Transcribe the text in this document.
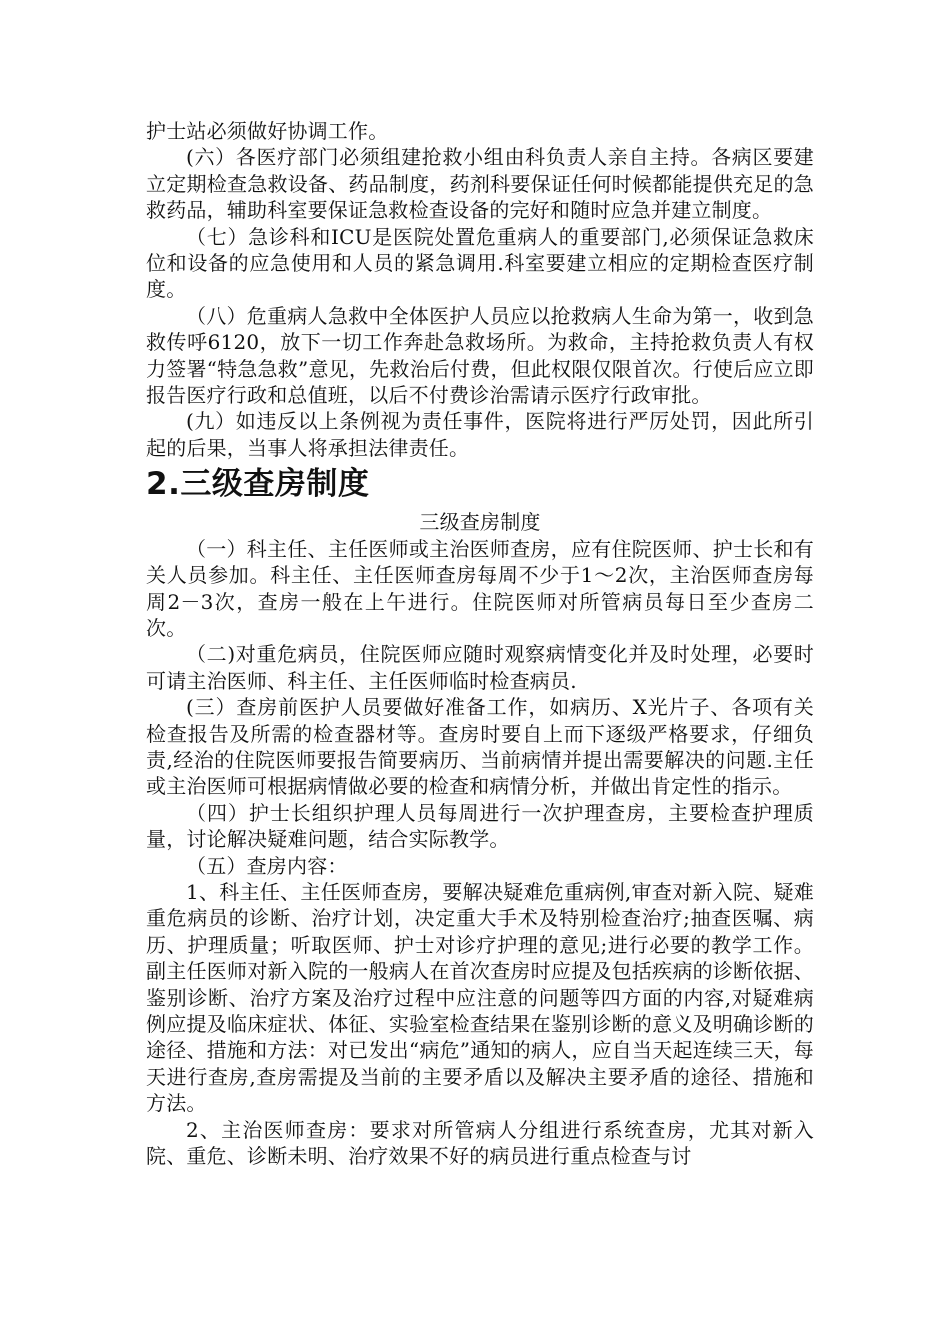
护士站必须做好协调工作。

(六）各医疗部门必须组建抢救小组由科负责人亲自主持。各病区要建立定期检查急救设备、药品制度，药剂科要保证任何时候都能提供充足的急救药品，辅助科室要保证急救检查设备的完好和随时应急并建立制度。

（七）急诊科和ICU是医院处置危重病人的重要部门,必须保证急救床位和设备的应急使用和人员的紧急调用.科室要建立相应的定期检查医疗制度。

（八）危重病人急救中全体医护人员应以抢救病人生命为第一，收到急救传呼6120，放下一切工作奔赴急救场所。为救命，主持抢救负责人有权力签署“特急急救”意见，先救治后付费，但此权限仅限首次。行使后应立即报告医疗行政和总值班，以后不付费诊治需请示医疗行政审批。

(九）如违反以上条例视为责任事件，医院将进行严厉处罚，因此所引起的后果，当事人将承担法律责任。

2.三级查房制度

三级查房制度

（一）科主任、主任医师或主治医师查房，应有住院医师、护士长和有关人员参加。科主任、主任医师查房每周不少于1～2次，主治医师查房每周2－3次，查房一般在上午进行。住院医师对所管病员每日至少查房二次。

（二)对重危病员，住院医师应随时观察病情变化并及时处理，必要时可请主治医师、科主任、主任医师临时检查病员.

(三）查房前医护人员要做好准备工作，如病历、X光片子、各项有关检查报告及所需的检查器材等。查房时要自上而下逐级严格要求，仔细负责,经治的住院医师要报告简要病历、当前病情并提出需要解决的问题.主任或主治医师可根据病情做必要的检查和病情分析，并做出肯定性的指示。

（四）护士长组织护理人员每周进行一次护理查房，主要检查护理质量，讨论解决疑难问题，结合实际教学。

（五）查房内容：

1、科主任、主任医师查房，要解决疑难危重病例,审查对新入院、疑难重危病员的诊断、治疗计划，决定重大手术及特别检查治疗;抽查医嘱、病历、护理质量；听取医师、护士对诊疗护理的意见;进行必要的教学工作。副主任医师对新入院的一般病人在首次查房时应提及包括疾病的诊断依据、鉴别诊断、治疗方案及治疗过程中应注意的问题等四方面的内容,对疑难病例应提及临床症状、体征、实验室检查结果在鉴别诊断的意义及明确诊断的途径、措施和方法：对已发出“病危”通知的病人，应自当天起连续三天，每天进行查房,查房需提及当前的主要矛盾以及解决主要矛盾的途径、措施和方法。

2、主治医师查房：要求对所管病人分组进行系统查房，尤其对新入院、重危、诊断未明、治疗效果不好的病员进行重点检查与讨
